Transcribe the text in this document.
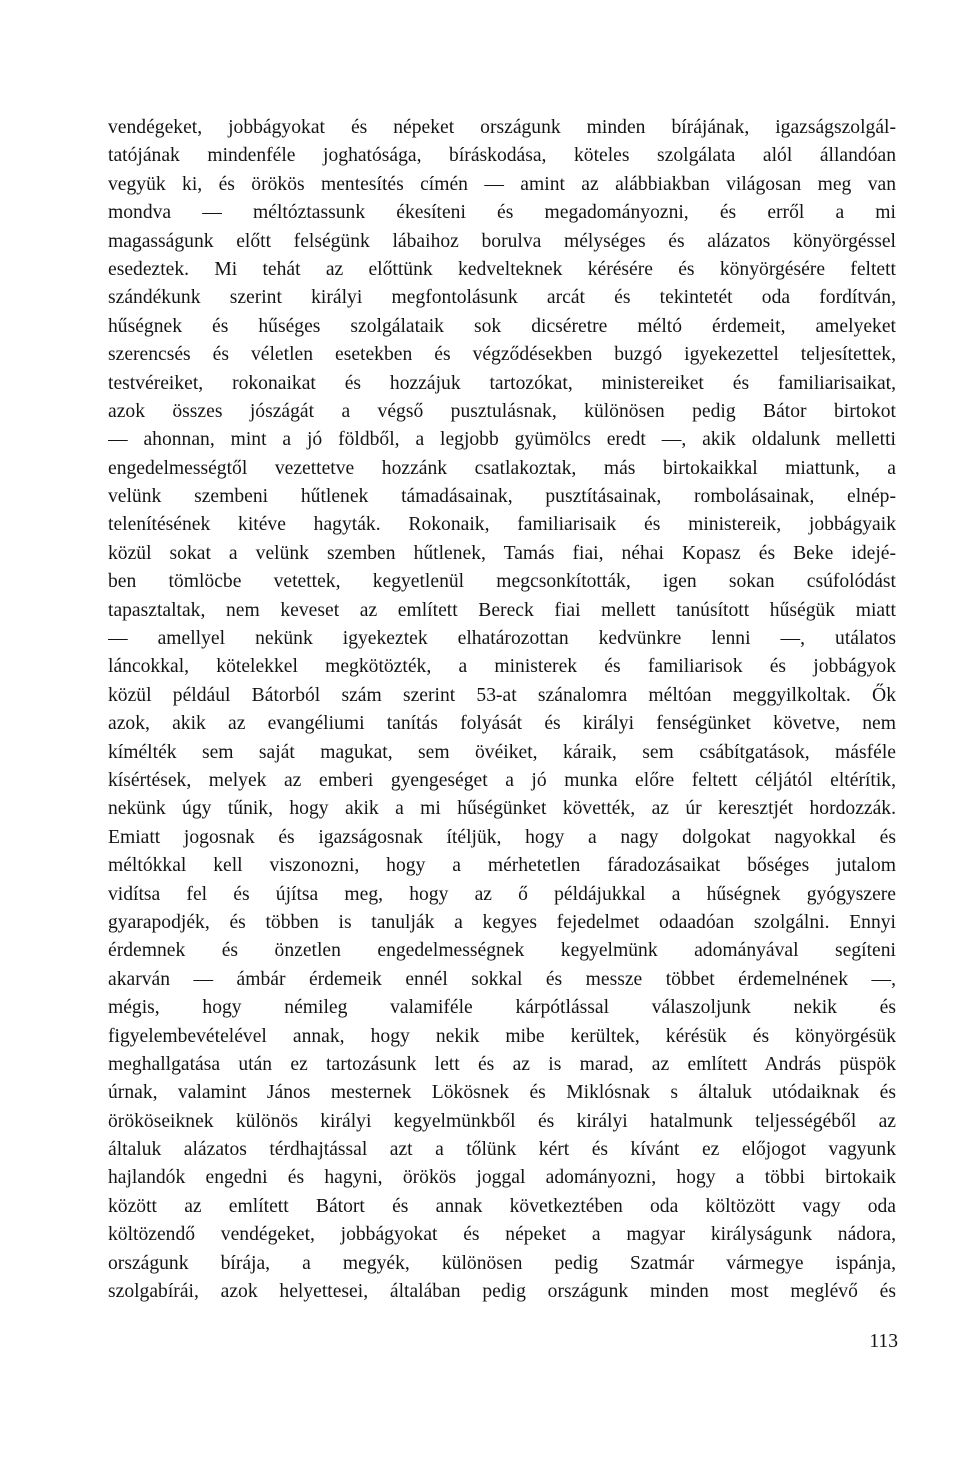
vendégeket, jobbágyokat és népeket országunk minden bírájának, igazságszolgál-
tatójának mindenféle joghatósága, bíráskodása, köteles szolgálata alól állandóan
vegyük ki, és örökös mentesítés címén — amint az alábbiakban világosan meg van
mondva — méltóztassunk ékesíteni és megadományozni, és erről a mi
magasságunk előtt felségünk lábaihoz borulva mélységes és alázatos könyörgéssel
esedeztek. Mi tehát az előttünk kedvelteknek kérésére és könyörgésére feltett
szándékunk szerint királyi megfontolásunk arcát és tekintetét oda fordítván,
hűségnek és hűséges szolgálataik sok dicséretre méltó érdemeit, amelyeket
szerencsés és véletlen esetekben és végződésekben buzgó igyekezettel teljesítettek,
testvéreiket, rokonaikat és hozzájuk tartozókat, ministereiket és familiarisaikat,
azok összes jószágát a végső pusztulásnak, különösen pedig Bátor birtokot
— ahonnan, mint a jó földből, a legjobb gyümölcs eredt —, akik oldalunk melletti
engedelmességtől vezettetve hozzánk csatlakoztak, más birtokaikkal miattunk, a
velünk szembeni hűtlenek támadásainak, pusztításainak, rombolásainak, elnép-
telenítésének kitéve hagyták. Rokonaik, familiarisaik és ministereik, jobbágyaik
közül sokat a velünk szemben hűtlenek, Tamás fiai, néhai Kopasz és Beke idejé-
ben tömlöcbe vetettek, kegyetlenül megcsonkították, igen sokan csúfolódást
tapasztaltak, nem keveset az említett Bereck fiai mellett tanúsított hűségük miatt
— amellyel nekünk igyekeztek elhatározottan kedvünkre lenni —, utálatos
láncokkal, kötelekkel megkötözték, a ministerek és familiarisok és jobbágyok
közül például Bátorból szám szerint 53-at szánalomra méltóan meggyilkoltak. Ők
azok, akik az evangéliumi tanítás folyását és királyi fenségünket követve, nem
kímélték sem saját magukat, sem övéiket, káraik, sem csábítgatások, másféle
kísértések, melyek az emberi gyengeséget a jó munka előre feltett céljától eltérítik,
nekünk úgy tűnik, hogy akik a mi hűségünket követték, az úr keresztjét hordozzák.
Emiatt jogosnak és igazságosnak ítéljük, hogy a nagy dolgokat nagyokkal és
méltókkal kell viszonozni, hogy a mérhetetlen fáradozásaikat bőséges jutalom
vidítsa fel és újítsa meg, hogy az ő példájukkal a hűségnek gyógyszere
gyarapodjék, és többen is tanulják a kegyes fejedelmet odaadóan szolgálni. Ennyi
érdemnek és önzetlen engedelmességnek kegyelmünk adományával segíteni
akarván — ámbár érdemeik ennél sokkal és messze többet érdemelnének —,
mégis, hogy némileg valamiféle kárpótlással válaszoljunk nekik és
figyelembevételével annak, hogy nekik mibe kerültek, kérésük és könyörgésük
meghallgatása után ez tartozásunk lett és az is marad, az említett András püspök
úrnak, valamint János mesternek Lökösnek és Miklósnak s általuk utódaiknak és
örököseiknek különös királyi kegyelmünkből és királyi hatalmunk teljességéből az
általuk alázatos térdhajtással azt a tőlünk kért és kívánt ez előjogot vagyunk
hajlandók engedni és hagyni, örökös joggal adományozni, hogy a többi birtokaik
között az említett Bátort és annak következtében oda költözött vagy oda
költözendő vendégeket, jobbágyokat és népeket a magyar királyságunk nádora,
országunk bírája, a megyék, különösen pedig Szatmár vármegye ispánja,
szolgabírái, azok helyettesei, általában pedig országunk minden most meglévő és
113
